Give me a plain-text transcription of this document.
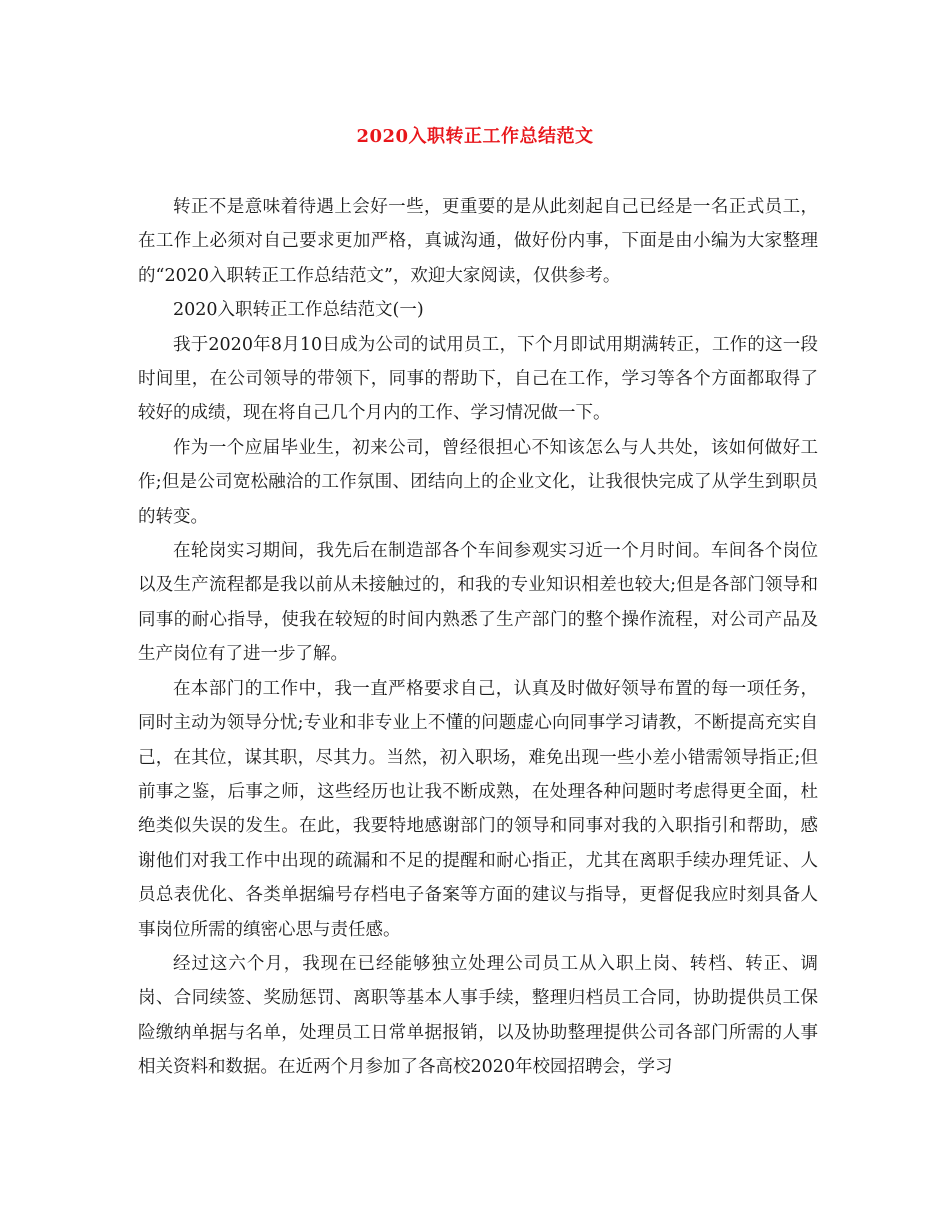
2020入职转正工作总结范文

转正不是意味着待遇上会好一些，更重要的是从此刻起自己已经是一名正式员工，在工作上必须对自己要求更加严格，真诚沟通，做好份内事，下面是由小编为大家整理的“2020入职转正工作总结范文”，欢迎大家阅读，仅供参考。

2020入职转正工作总结范文(一)

我于2020年8月10日成为公司的试用员工，下个月即试用期满转正，工作的这一段时间里，在公司领导的带领下，同事的帮助下，自己在工作，学习等各个方面都取得了较好的成绩，现在将自己几个月内的工作、学习情况做一下。

作为一个应届毕业生，初来公司，曾经很担心不知该怎么与人共处，该如何做好工作;但是公司宽松融洽的工作氛围、团结向上的企业文化，让我很快完成了从学生到职员的转变。

在轮岗实习期间，我先后在制造部各个车间参观实习近一个月时间。车间各个岗位以及生产流程都是我以前从未接触过的，和我的专业知识相差也较大;但是各部门领导和同事的耐心指导，使我在较短的时间内熟悉了生产部门的整个操作流程，对公司产品及生产岗位有了进一步了解。

在本部门的工作中，我一直严格要求自己，认真及时做好领导布置的每一项任务，同时主动为领导分忧;专业和非专业上不懂的问题虚心向同事学习请教，不断提高充实自己，在其位，谋其职，尽其力。当然，初入职场，难免出现一些小差小错需领导指正;但前事之鉴，后事之师，这些经历也让我不断成熟，在处理各种问题时考虑得更全面，杜绝类似失误的发生。在此，我要特地感谢部门的领导和同事对我的入职指引和帮助，感谢他们对我工作中出现的疏漏和不足的提醒和耐心指正，尤其在离职手续办理凭证、人员总表优化、各类单据编号存档电子备案等方面的建议与指导，更督促我应时刻具备人事岗位所需的缜密心思与责任感。

经过这六个月，我现在已经能够独立处理公司员工从入职上岗、转档、转正、调岗、合同续签、奖励惩罚、离职等基本人事手续，整理归档员工合同，协助提供员工保险缴纳单据与名单，处理员工日常单据报销，以及协助整理提供公司各部门所需的人事相关资料和数据。在近两个月参加了各高校2020年校园招聘会，学习
